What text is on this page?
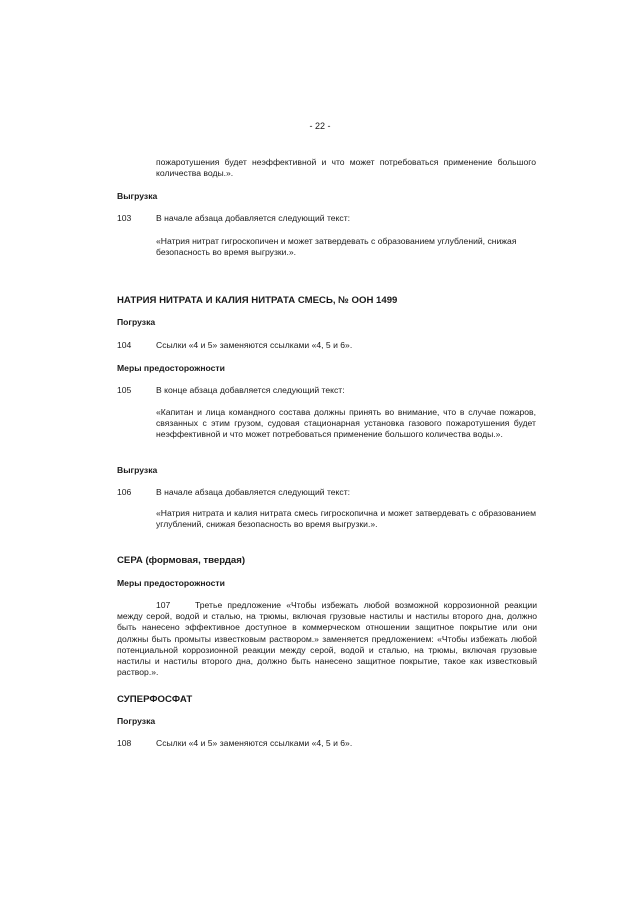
- 22 -
пожаротушения будет неэффективной и что может потребоваться применение большого количества воды.».
Выгрузка
103	В начале абзаца добавляется следующий текст:
«Натрия нитрат гигроскопичен и может затвердевать с образованием углублений, снижая безопасность во время выгрузки.».
НАТРИЯ НИТРАТА И КАЛИЯ НИТРАТА СМЕСЬ, № ООН 1499
Погрузка
104	Ссылки «4 и 5» заменяются ссылками «4, 5 и 6».
Меры предосторожности
105	В конце абзаца добавляется следующий текст:
«Капитан и лица командного состава должны принять во внимание, что в случае пожаров, связанных с этим грузом, судовая стационарная установка газового пожаротушения будет неэффективной и что может потребоваться применение большого количества воды.».
Выгрузка
106	В начале абзаца добавляется следующий текст:
«Натрия нитрата и калия нитрата смесь гигроскопична и может затвердевать с образованием углублений, снижая безопасность во время выгрузки.».
СЕРА (формовая, твердая)
Меры предосторожности
107	Третье предложение «Чтобы избежать любой возможной коррозионной реакции между серой, водой и сталью, на трюмы, включая грузовые настилы и настилы второго дна, должно быть нанесено эффективное доступное в коммерческом отношении защитное покрытие или они должны быть промыты известковым раствором.» заменяется предложением: «Чтобы избежать любой потенциальной коррозионной реакции между серой, водой и сталью, на трюмы, включая грузовые настилы и настилы второго дна, должно быть нанесено защитное покрытие, такое как известковый раствор.».
СУПЕРФОСФАТ
Погрузка
108	Ссылки «4 и 5» заменяются ссылками «4, 5 и 6».
